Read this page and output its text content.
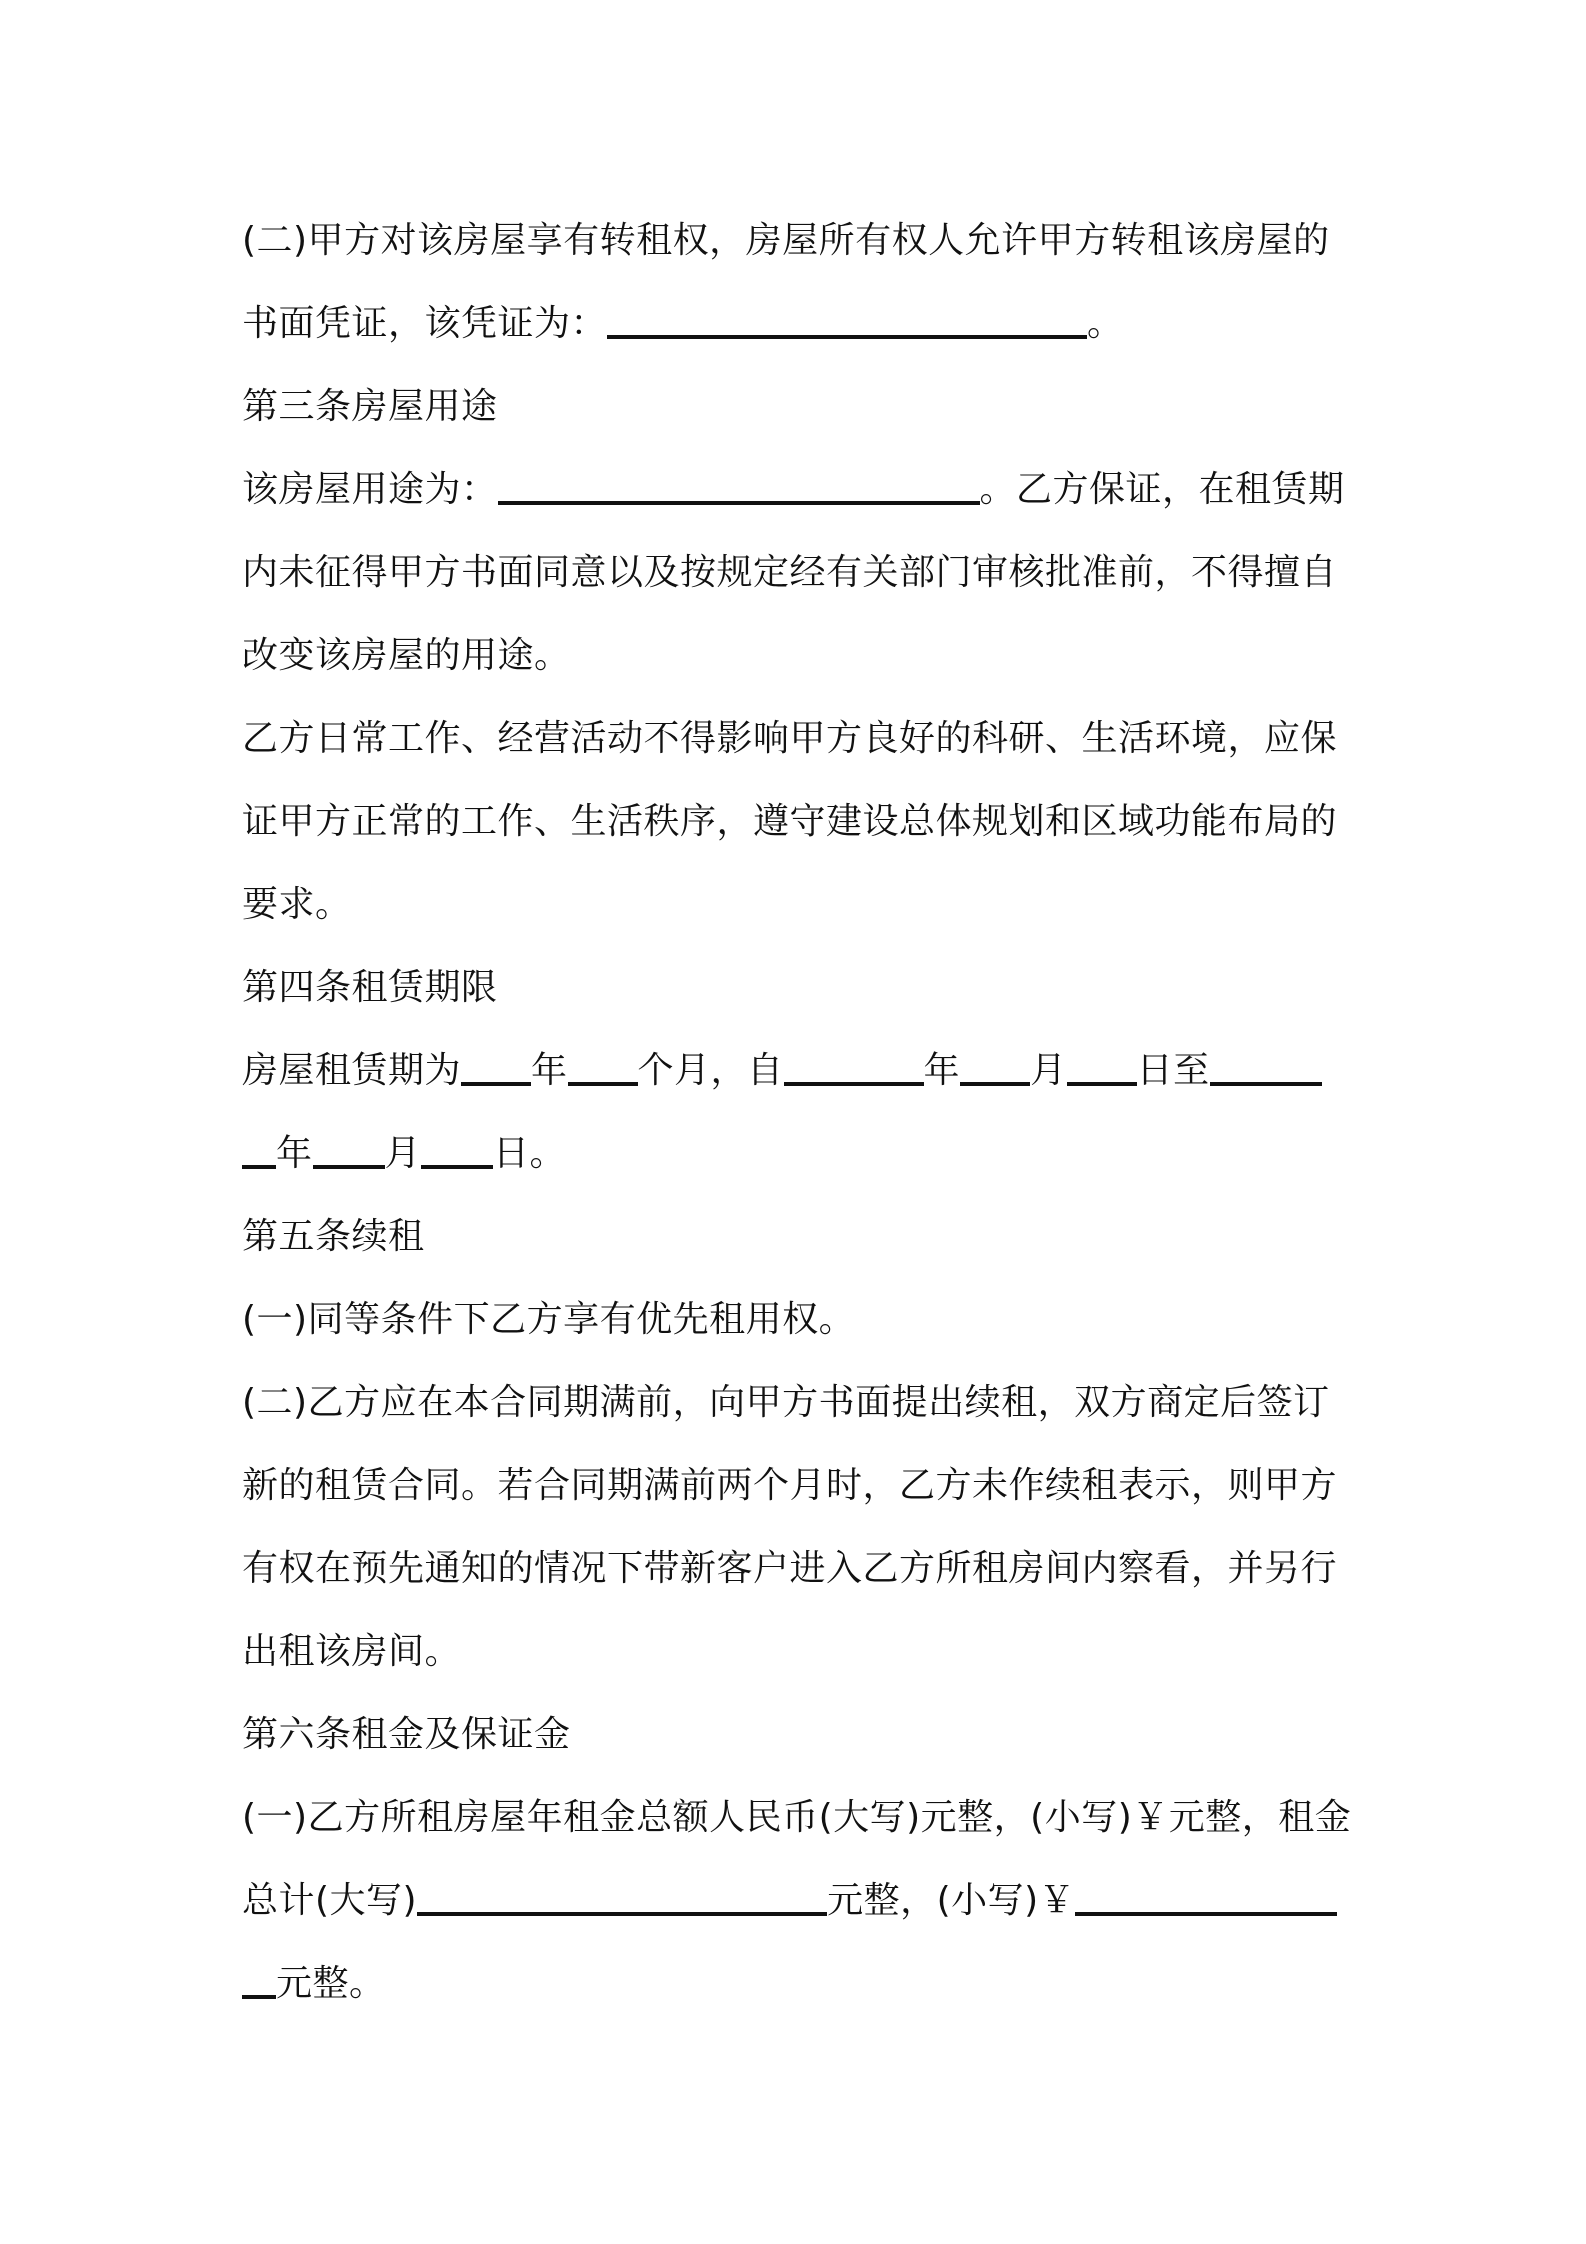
(二)甲方对该房屋享有转租权，房屋所有权人允许甲方转租该房屋的
书面凭证，该凭证为：	。
第三条房屋用途
该房屋用途为：	。乙方保证，在租赁期
内未征得甲方书面同意以及按规定经有关部门审核批准前，不得擅自
改变该房屋的用途。
乙方日常工作、经营活动不得影响甲方良好的科研、生活环境，应保
证甲方正常的工作、生活秩序，遵守建设总体规划和区域功能布局的
要求。
第四条租赁期限
房屋租赁期为 年 个月，自	年 月 日至
年 月 日。
第五条续租
(一)同等条件下乙方享有优先租用权。
(二)乙方应在本合同期满前，向甲方书面提出续租，双方商定后签订
新的租赁合同。若合同期满前两个月时，乙方未作续租表示，则甲方
有权在预先通知的情况下带新客户进入乙方所租房间内察看，并另行
出租该房间。
第六条租金及保证金
(一)乙方所租房屋年租金总额人民币(大写)元整，(小写)￥元整，租金
总计(大写)	元整，(小写)￥
元整。
